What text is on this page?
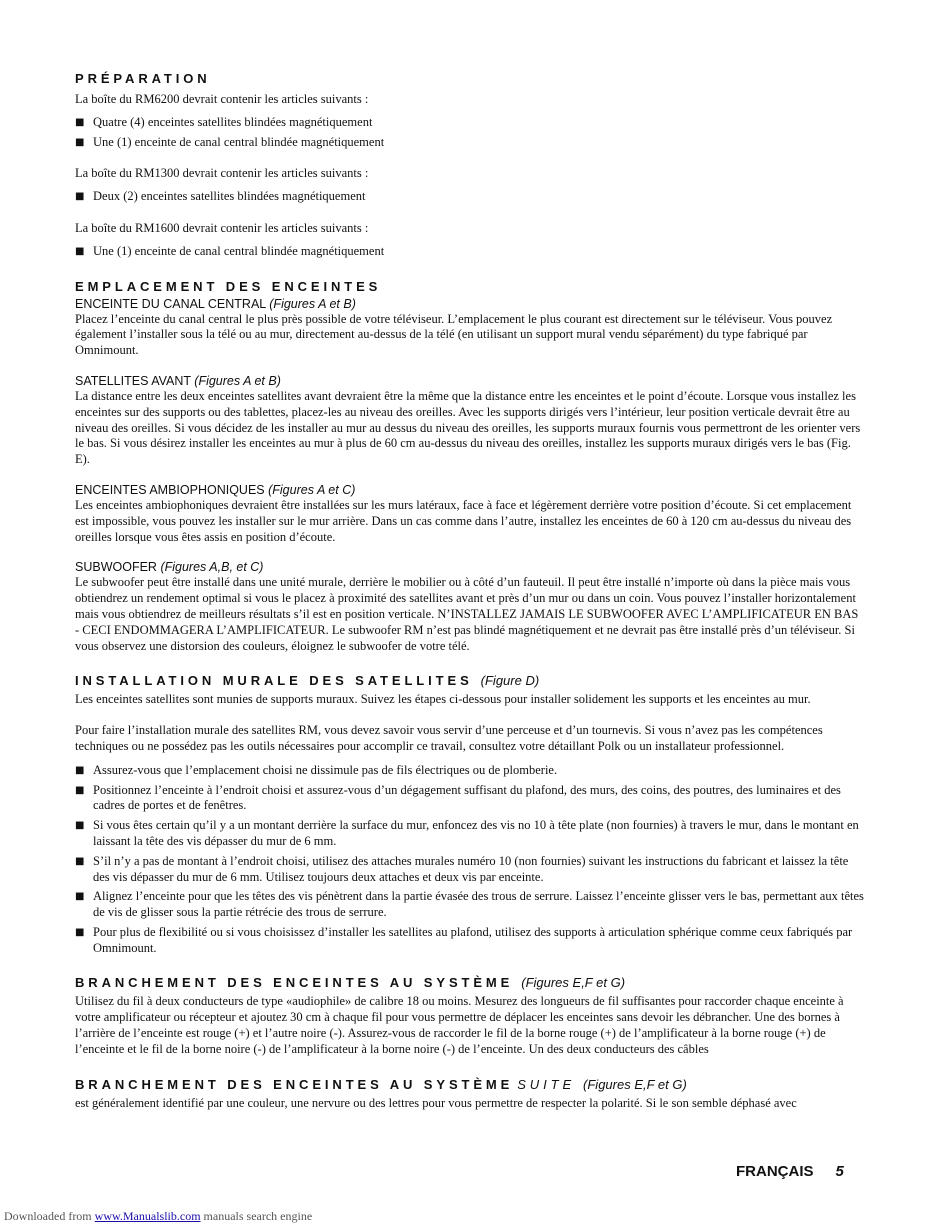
PRÉPARATION

La boîte du RM6200 devrait contenir les articles suivants :

■ Quatre (4) enceintes satellites blindées magnétiquement
■ Une (1) enceinte de canal central blindée magnétiquement

La boîte du RM1300 devrait contenir les articles suivants :

■ Deux (2) enceintes satellites blindées magnétiquement

La boîte du RM1600 devrait contenir les articles suivants :

■ Une (1) enceinte de canal central blindée magnétiquement
EMPLACEMENT DES ENCEINTES

ENCEINTE DU CANAL CENTRAL (Figures A et B)

Placez l’enceinte du canal central le plus près possible de votre téléviseur. L’emplacement le plus courant est directement sur le téléviseur. Vous pouvez également l’installer sous la télé ou au mur, directement au-dessus de la télé (en utilisant un support mural vendu séparément) du type fabriqué par Omnimount.

SATELLITES AVANT (Figures A et B)

La distance entre les deux enceintes satellites avant devraient être la même que la distance entre les enceintes et le point d’écoute. Lorsque vous installez les enceintes sur des supports ou des tablettes, placez-les au niveau des oreilles. Avec les supports dirigés vers l’intérieur, leur position verticale devrait être au niveau des oreilles. Si vous décidez de les installer au mur au dessus du niveau des oreilles, les supports muraux fournis vous permettront de les orienter vers le bas. Si vous désirez installer les enceintes au mur à plus de 60 cm au-dessus du niveau des oreilles, installez les supports muraux dirigés vers le bas (Fig. E).

ENCEINTES AMBIOPHONIQUES (Figures A et C)

Les enceintes ambiophoniques devraient être installées sur les murs latéraux, face à face et légèrement derrière votre position d’écoute. Si cet emplacement est impossible, vous pouvez les installer sur le mur arrière. Dans un cas comme dans l’autre, installez les enceintes de 60 à 120 cm au-dessus du niveau des oreilles lorsque vous êtes assis en position d’écoute.

SUBWOOFER (Figures A,B, et C)

Le subwoofer peut être installé dans une unité murale, derrière le mobilier ou à côté d’un fauteuil. Il peut être installé n’importe où dans la pièce mais vous obtiendrez un rendement optimal si vous le placez à proximité des satellites avant et près d’un mur ou dans un coin. Vous pouvez l’installer horizontalement mais vous obtiendrez de meilleurs résultats s’il est en position verticale. N’INSTALLEZ JAMAIS LE SUBWOOFER AVEC L’AMPLIFICATEUR EN BAS - CECI ENDOMMAGERA L’AMPLIFICATEUR. Le subwoofer RM n’est pas blindé magnétiquement et ne devrait pas être installé près d’un téléviseur. Si vous observez une distorsion des couleurs, éloignez le subwoofer de votre télé.

INSTALLATION MURALE DES SATELLITES (Figure D)

Les enceintes satellites sont munies de supports muraux. Suivez les étapes ci-dessous pour installer solidement les supports et les enceintes au mur.

Pour faire l’installation murale des satellites RM, vous devez savoir vous servir d’une perceuse et d’un tournevis. Si vous n’avez pas les compétences techniques ou ne possédez pas les outils nécessaires pour accomplir ce travail, consultez votre détaillant Polk ou un installateur professionnel.

■ Assurez-vous que l’emplacement choisi ne dissimule pas de fils électriques ou de plomberie.
■ Positionnez l’enceinte à l’endroit choisi et assurez-vous d’un dégagement suffisant du plafond, des murs, des coins, des poutres, des luminaires et des cadres de portes et de fenêtres.
■ Si vous êtes certain qu’il y a un montant derrière la surface du mur, enfoncez des vis no 10 à tête plate (non fournies) à travers le mur, dans le montant en laissant la tête des vis dépasser du mur de 6 mm.
■ S’il n’y a pas de montant à l’endroit choisi, utilisez des attaches murales numéro 10 (non fournies) suivant les instructions du fabricant et laissez la tête des vis dépasser du mur de 6 mm. Utilisez toujours deux attaches et deux vis par enceinte.
■ Alignez l’enceinte pour que les têtes des vis pénètrent dans la partie évasée des trous de serrure. Laissez l’enceinte glisser vers le bas, permettant aux têtes de vis de glisser sous la partie rétrécie des trous de serrure.
■ Pour plus de flexibilité ou si vous choisissez d’installer les satellites au plafond, utilisez des supports à articulation sphérique comme ceux fabriqués par Omnimount.
BRANCHEMENT DES ENCEINTES AU SYSTÈME (Figures E,F et G)

Utilisez du fil à deux conducteurs de type «audiophile» de calibre 18 ou moins. Mesurez des longueurs de fil suffisantes pour raccorder chaque enceinte à votre amplificateur ou récepteur et ajoutez 30 cm à chaque fil pour vous permettre de déplacer les enceintes sans devoir les débrancher. Une des bornes à l’arrière de l’enceinte est rouge (+) et l’autre noire (-). Assurez-vous de raccorder le fil de la borne rouge (+) de l’amplificateur à la borne rouge (+) de l’enceinte et le fil de la borne noire (-) de l’amplificateur à la borne noire (-) de l’enceinte. Un des deux conducteurs des câbles

BRANCHEMENT DES ENCEINTES AU SYSTÈME SUITE (Figures E,F et G)

est généralement identifié par une couleur, une nervure ou des lettres pour vous permettre de respecter la polarité. Si le son semble déphasé avec

FRANÇAIS 5
Downloaded from www.Manualslib.com manuals search engine
